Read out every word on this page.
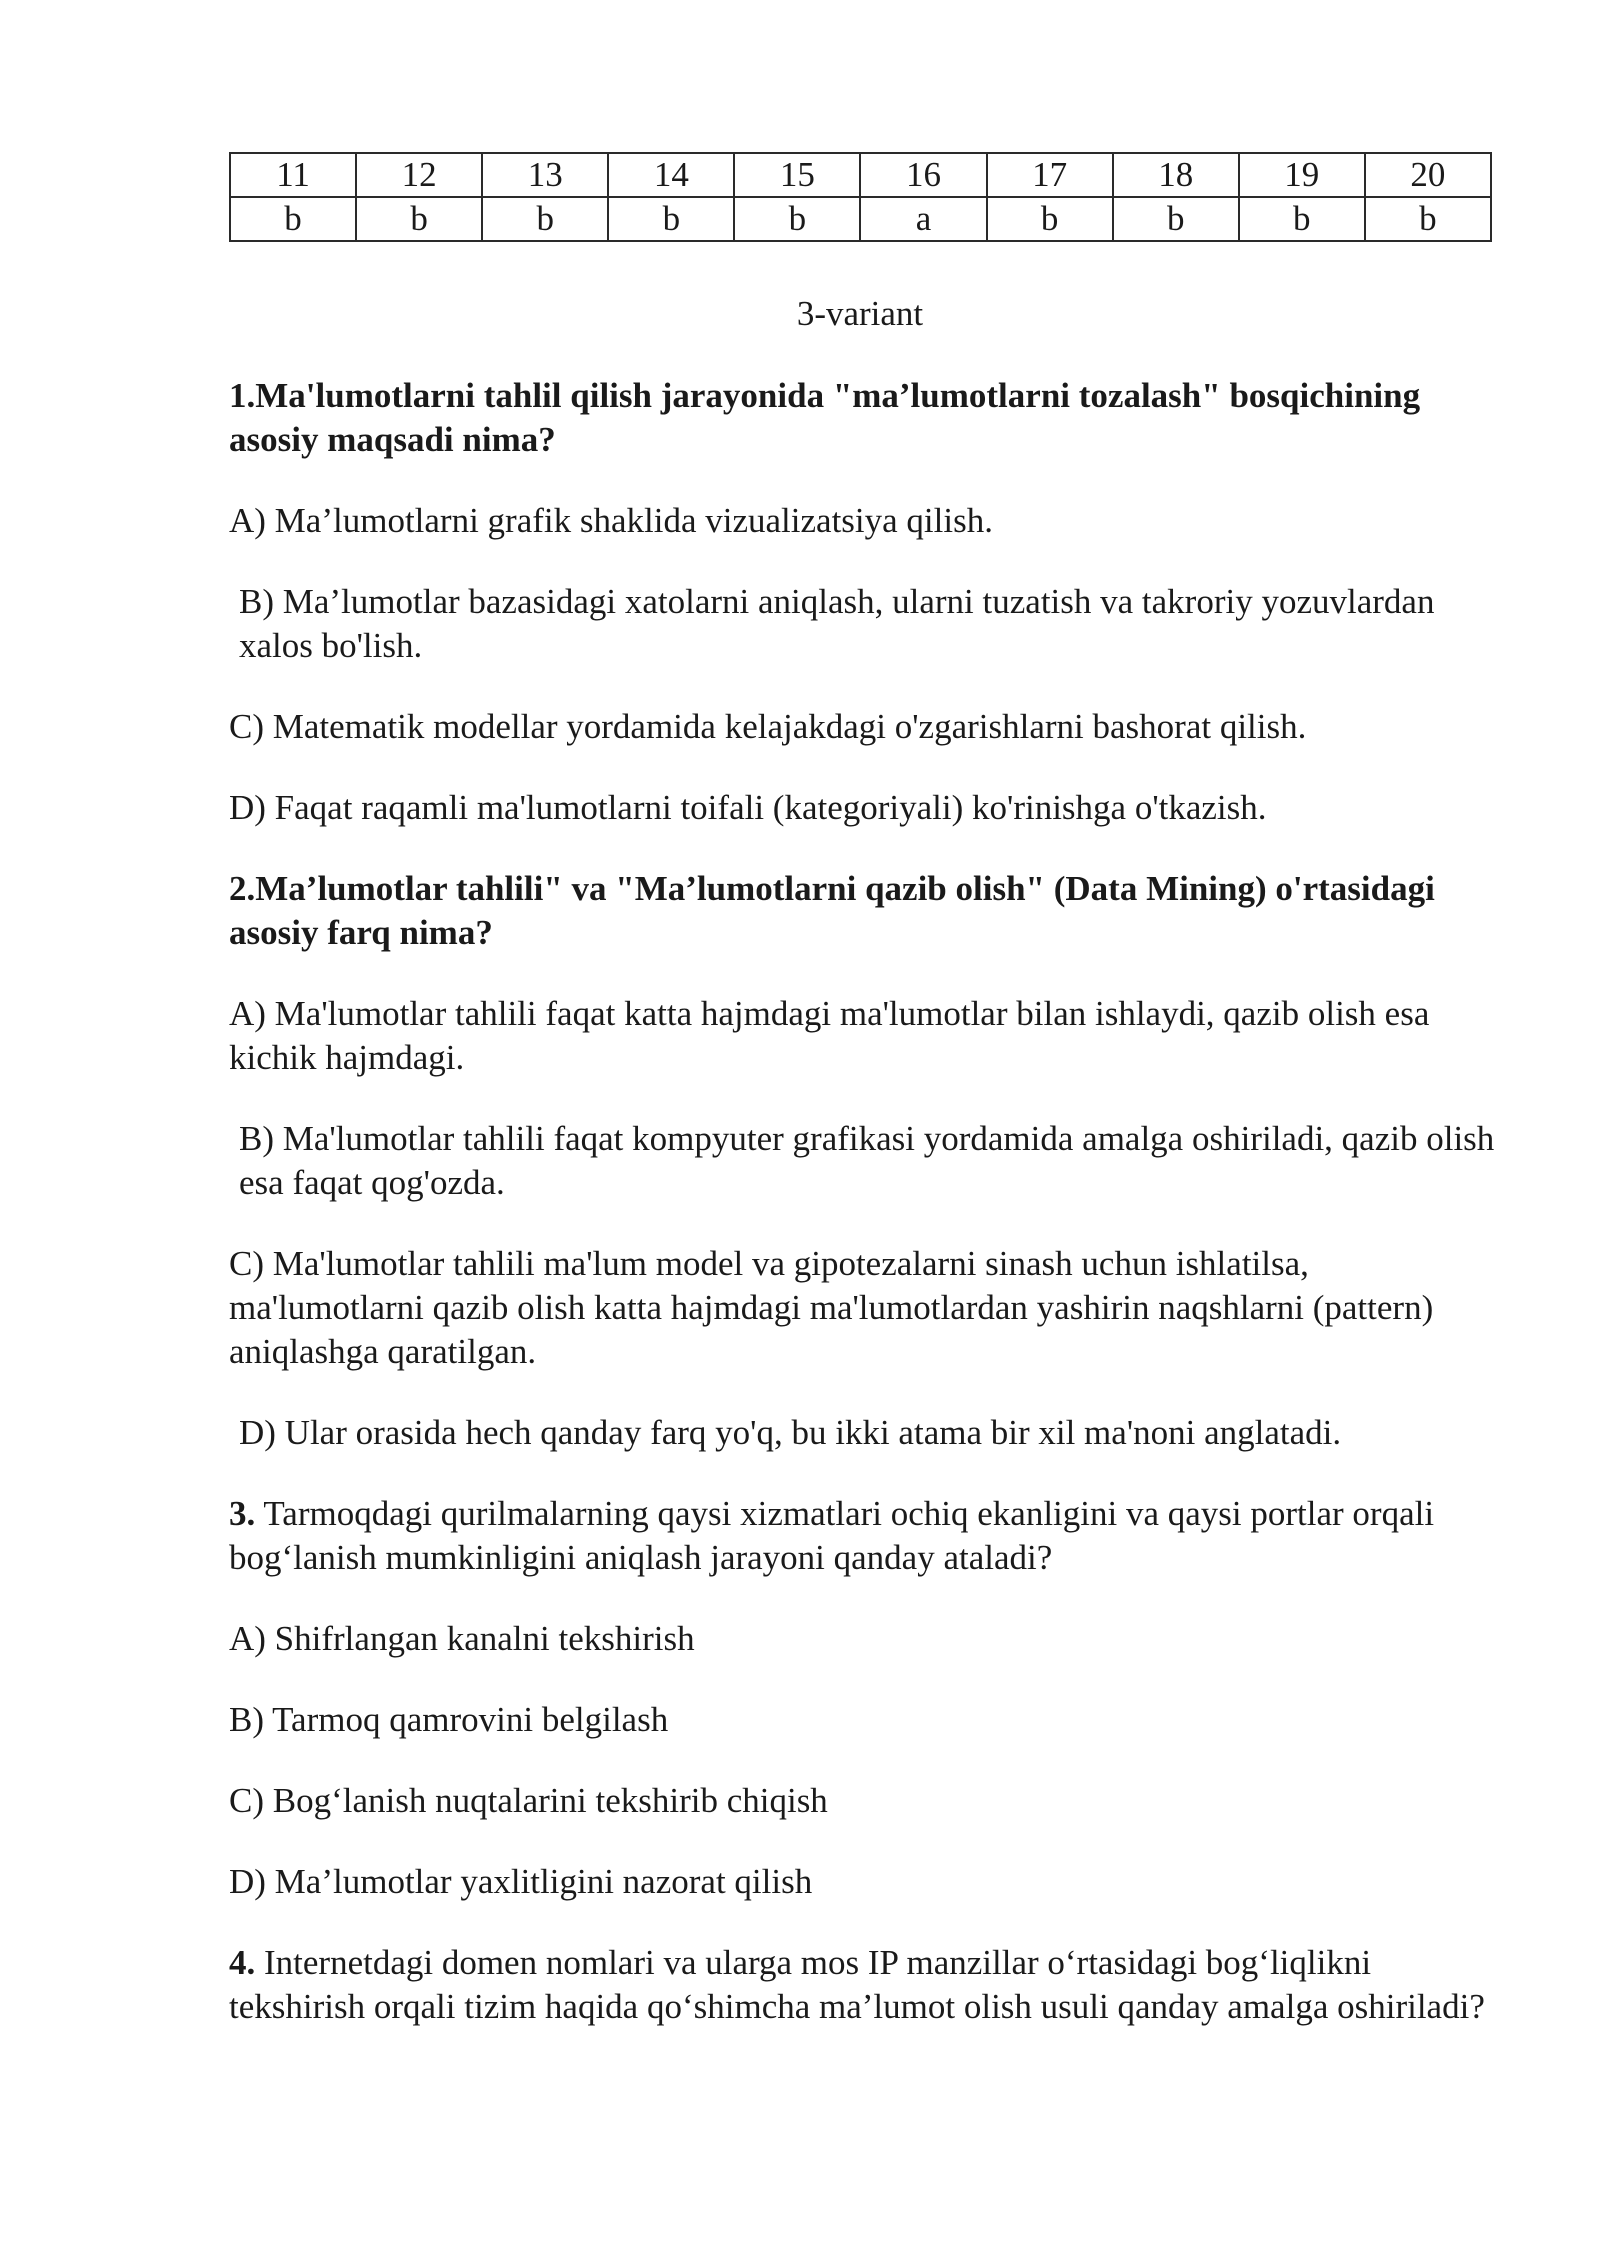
11	12	13	14	15	16	17	18	19	20
b	b	b	b	b	a	b	b	b	b
3-variant
1.Ma'lumotlarni tahlil qilish jarayonida "ma’lumotlarni tozalash" bosqichining asosiy maqsadi nima?
A) Ma’lumotlarni grafik shaklida vizualizatsiya qilish.
B) Ma’lumotlar bazasidagi xatolarni aniqlash, ularni tuzatish va takroriy yozuvlardan xalos bo'lish.
C) Matematik modellar yordamida kelajakdagi o'zgarishlarni bashorat qilish.
D) Faqat raqamli ma'lumotlarni toifali (kategoriyali) ko'rinishga o'tkazish.
2.Ma’lumotlar tahlili" va "Ma’lumotlarni qazib olish" (Data Mining) o'rtasidagi asosiy farq nima?
A) Ma'lumotlar tahlili faqat katta hajmdagi ma'lumotlar bilan ishlaydi, qazib olish esa kichik hajmdagi.
B) Ma'lumotlar tahlili faqat kompyuter grafikasi yordamida amalga oshiriladi, qazib olish esa faqat qog'ozda.
C) Ma'lumotlar tahlili ma'lum model va gipotezalarni sinash uchun ishlatilsa, ma'lumotlarni qazib olish katta hajmdagi ma'lumotlardan yashirin naqshlarni (pattern) aniqlashga qaratilgan.
D) Ular orasida hech qanday farq yo'q, bu ikki atama bir xil ma'noni anglatadi.
3. Tarmoqdagi qurilmalarning qaysi xizmatlari ochiq ekanligini va qaysi portlar orqali bog‘lanish mumkinligini aniqlash jarayoni qanday ataladi?
A) Shifrlangan kanalni tekshirish
B) Tarmoq qamrovini belgilash
C) Bog‘lanish nuqtalarini tekshirib chiqish
D) Ma’lumotlar yaxlitligini nazorat qilish
4. Internetdagi domen nomlari va ularga mos IP manzillar o‘rtasidagi bog‘liqlikni tekshirish orqali tizim haqida qo‘shimcha ma’lumot olish usuli qanday amalga oshiriladi?
